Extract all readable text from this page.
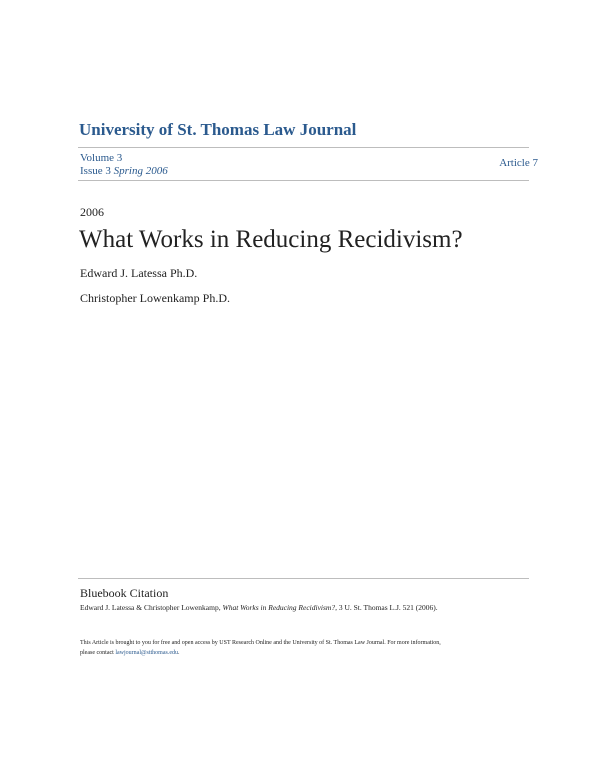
University of St. Thomas Law Journal
Volume 3
Issue 3 Spring 2006
Article 7
2006
What Works in Reducing Recidivism?
Edward J. Latessa Ph.D.
Christopher Lowenkamp Ph.D.
Bluebook Citation
Edward J. Latessa & Christopher Lowenkamp, What Works in Reducing Recidivism?, 3 U. St. Thomas L.J. 521 (2006).
This Article is brought to you for free and open access by UST Research Online and the University of St. Thomas Law Journal. For more information,
please contact lawjournal@stthomas.edu.
